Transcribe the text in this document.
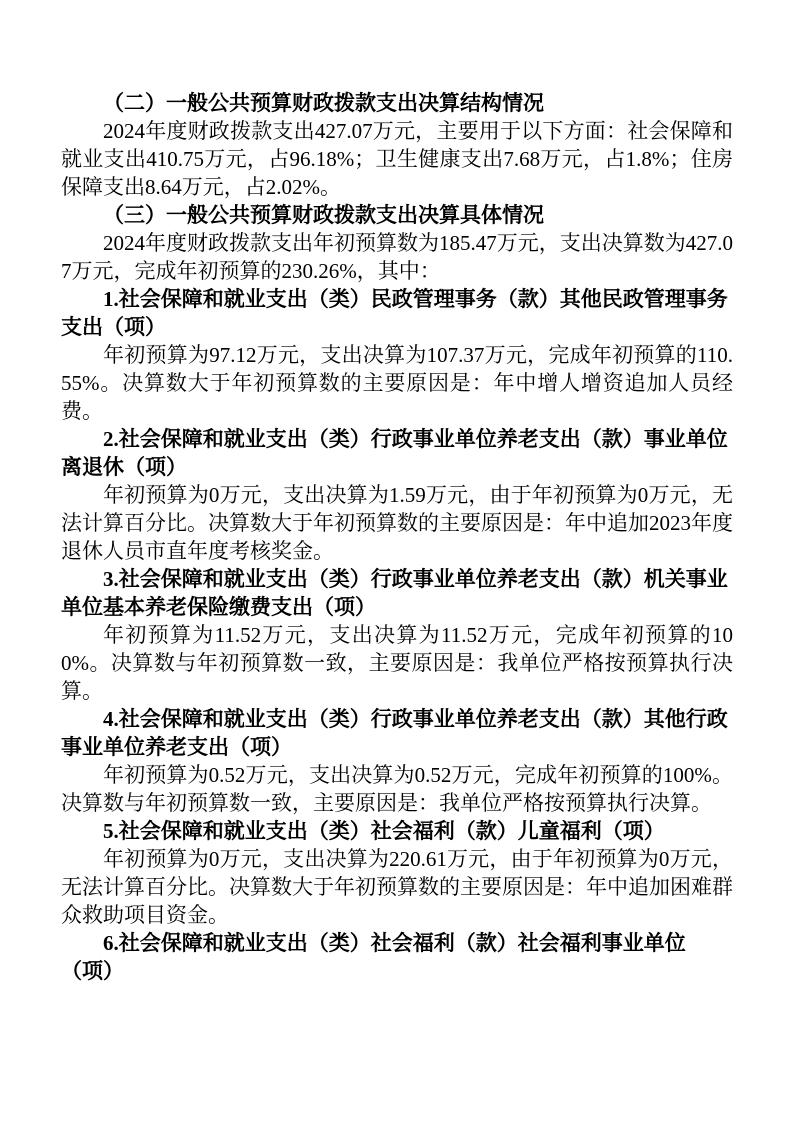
（二）一般公共预算财政拨款支出决算结构情况

2024年度财政拨款支出427.07万元，主要用于以下方面：社会保障和就业支出410.75万元，占96.18%；卫生健康支出7.68万元，占1.8%；住房保障支出8.64万元，占2.02%。

（三）一般公共预算财政拨款支出决算具体情况

2024年度财政拨款支出年初预算数为185.47万元，支出决算数为427.07万元，完成年初预算的230.26%，其中：

1.社会保障和就业支出（类）民政管理事务（款）其他民政管理事务支出（项）

年初预算为97.12万元，支出决算为107.37万元，完成年初预算的110.55%。决算数大于年初预算数的主要原因是：年中增人增资追加人员经费。

2.社会保障和就业支出（类）行政事业单位养老支出（款）事业单位离退休（项）

年初预算为0万元，支出决算为1.59万元，由于年初预算为0万元，无法计算百分比。决算数大于年初预算数的主要原因是：年中追加2023年度退休人员市直年度考核奖金。

3.社会保障和就业支出（类）行政事业单位养老支出（款）机关事业单位基本养老保险缴费支出（项）

年初预算为11.52万元，支出决算为11.52万元，完成年初预算的100%。决算数与年初预算数一致，主要原因是：我单位严格按预算执行决算。

4.社会保障和就业支出（类）行政事业单位养老支出（款）其他行政事业单位养老支出（项）

年初预算为0.52万元，支出决算为0.52万元，完成年初预算的100%。决算数与年初预算数一致，主要原因是：我单位严格按预算执行决算。

5.社会保障和就业支出（类）社会福利（款）儿童福利（项）

年初预算为0万元，支出决算为220.61万元，由于年初预算为0万元，无法计算百分比。决算数大于年初预算数的主要原因是：年中追加困难群众救助项目资金。

6.社会保障和就业支出（类）社会福利（款）社会福利事业单位（项）
